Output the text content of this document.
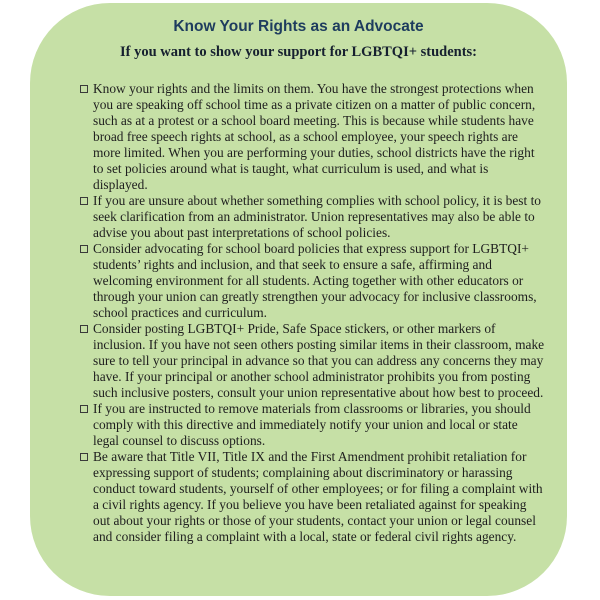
Know Your Rights as an Advocate
If you want to show your support for LGBTQI+ students:
Know your rights and the limits on them. You have the strongest protections when you are speaking off school time as a private citizen on a matter of public concern, such as at a protest or a school board meeting. This is because while students have broad free speech rights at school, as a school employee, your speech rights are more limited. When you are performing your duties, school districts have the right to set policies around what is taught, what curriculum is used, and what is displayed.
If you are unsure about whether something complies with school policy, it is best to seek clarification from an administrator. Union representatives may also be able to advise you about past interpretations of school policies.
Consider advocating for school board policies that express support for LGBTQI+ students’ rights and inclusion, and that seek to ensure a safe, affirming and welcoming environment for all students. Acting together with other educators or through your union can greatly strengthen your advocacy for inclusive classrooms, school practices and curriculum.
Consider posting LGBTQI+ Pride, Safe Space stickers, or other markers of inclusion. If you have not seen others posting similar items in their classroom, make sure to tell your principal in advance so that you can address any concerns they may have. If your principal or another school administrator prohibits you from posting such inclusive posters, consult your union representative about how best to proceed.
If you are instructed to remove materials from classrooms or libraries, you should comply with this directive and immediately notify your union and local or state legal counsel to discuss options.
Be aware that Title VII, Title IX and the First Amendment prohibit retaliation for expressing support of students; complaining about discriminatory or harassing conduct toward students, yourself of other employees; or for filing a complaint with a civil rights agency. If you believe you have been retaliated against for speaking out about your rights or those of your students, contact your union or legal counsel and consider filing a complaint with a local, state or federal civil rights agency.
